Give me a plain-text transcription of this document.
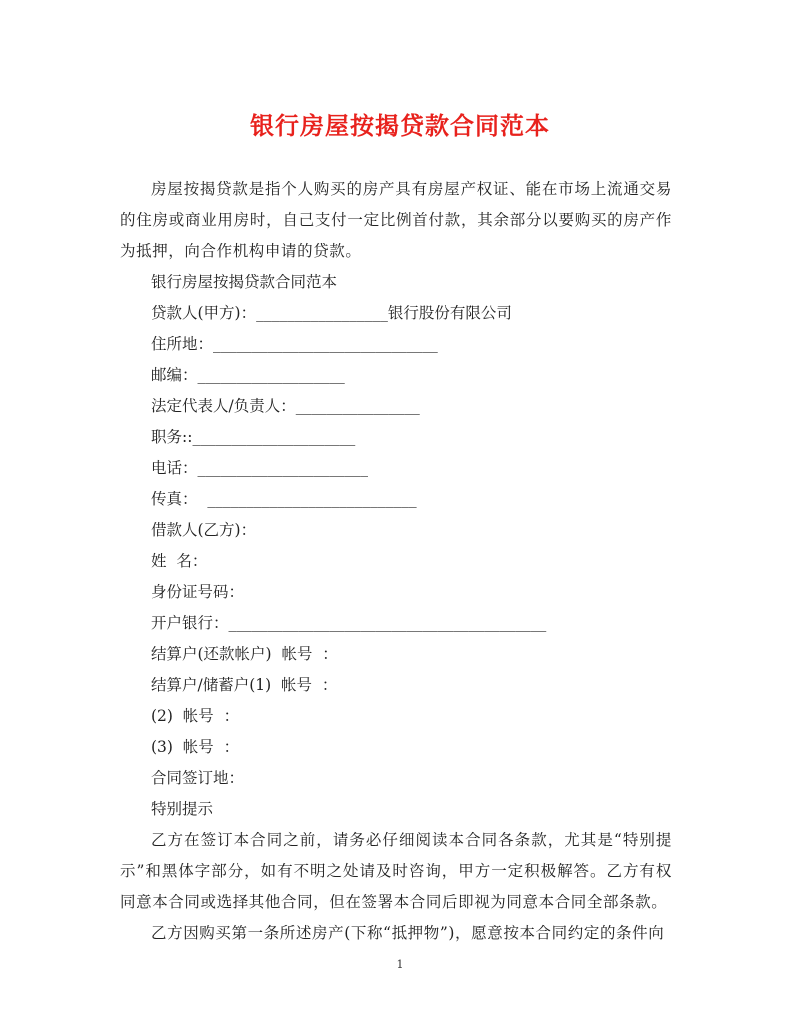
银行房屋按揭贷款合同范本

房屋按揭贷款是指个人购买的房产具有房屋产权证、能在市场上流通交易的住房或商业用房时，自己支付一定比例首付款，其余部分以要购买的房产作为抵押，向合作机构申请的贷款。

银行房屋按揭贷款合同范本

贷款人(甲方)：_________________银行股份有限公司

住所地：_____________________________

邮编：___________________

法定代表人/负责人：________________

职务::_____________________

电话：______________________

传真：  ___________________________

借款人(乙方)：

姓  名：

身份证号码：

开户银行：_________________________________________

结算户(还款帐户)  帐号  ：

结算户/储蓄户(1)  帐号  ：

(2)  帐号  ：

(3)  帐号  ：

合同签订地：

特别提示

乙方在签订本合同之前，请务必仔细阅读本合同各条款，尤其是“特别提示”和黑体字部分，如有不明之处请及时咨询，甲方一定积极解答。乙方有权同意本合同或选择其他合同，但在签署本合同后即视为同意本合同全部条款。

乙方因购买第一条所述房产(下称“抵押物”)，愿意按本合同约定的条件向

1
